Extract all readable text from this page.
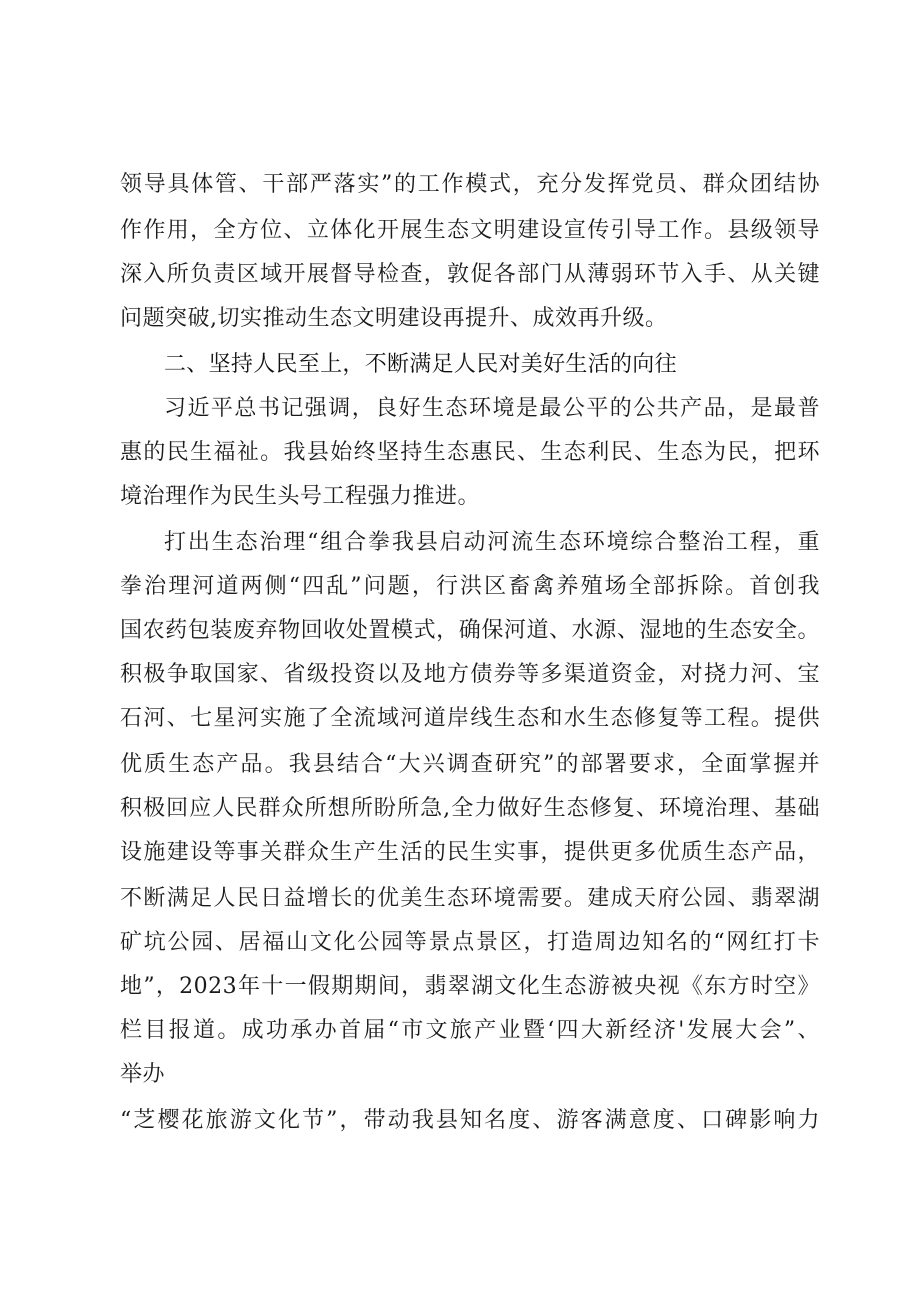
领导具体管、干部严落实”的工作模式，充分发挥党员、群众团结协
作作用，全方位、立体化开展生态文明建设宣传引导工作。县级领导
深入所负责区域开展督导检查，敦促各部门从薄弱环节入手、从关键
问题突破,切实推动生态文明建设再提升、成效再升级。
二、坚持人民至上，不断满足人民对美好生活的向往
习近平总书记强调，良好生态环境是最公平的公共产品，是最普
惠的民生福祉。我县始终坚持生态惠民、生态利民、生态为民，把环
境治理作为民生头号工程强力推进。
打出生态治理“组合拳我县启动河流生态环境综合整治工程，重
拳治理河道两侧“四乱”问题，行洪区畜禽养殖场全部拆除。首创我
国农药包装废弃物回收处置模式，确保河道、水源、湿地的生态安全。
积极争取国家、省级投资以及地方债券等多渠道资金，对挠力河、宝
石河、七星河实施了全流域河道岸线生态和水生态修复等工程。提供
优质生态产品。我县结合“大兴调查研究”的部署要求，全面掌握并
积极回应人民群众所想所盼所急,全力做好生态修复、环境治理、基础
设施建设等事关群众生产生活的民生实事，提供更多优质生态产品，
不断满足人民日益增长的优美生态环境需要。建成天府公园、翡翠湖
矿坑公园、居福山文化公园等景点景区，打造周边知名的“网红打卡
地”，2023年十一假期期间，翡翠湖文化生态游被央视《东方时空》
栏目报道。成功承办首届“市文旅产业暨‘四大新经济'发展大会”、
举办
“芝樱花旅游文化节”，带动我县知名度、游客满意度、口碑影响力
